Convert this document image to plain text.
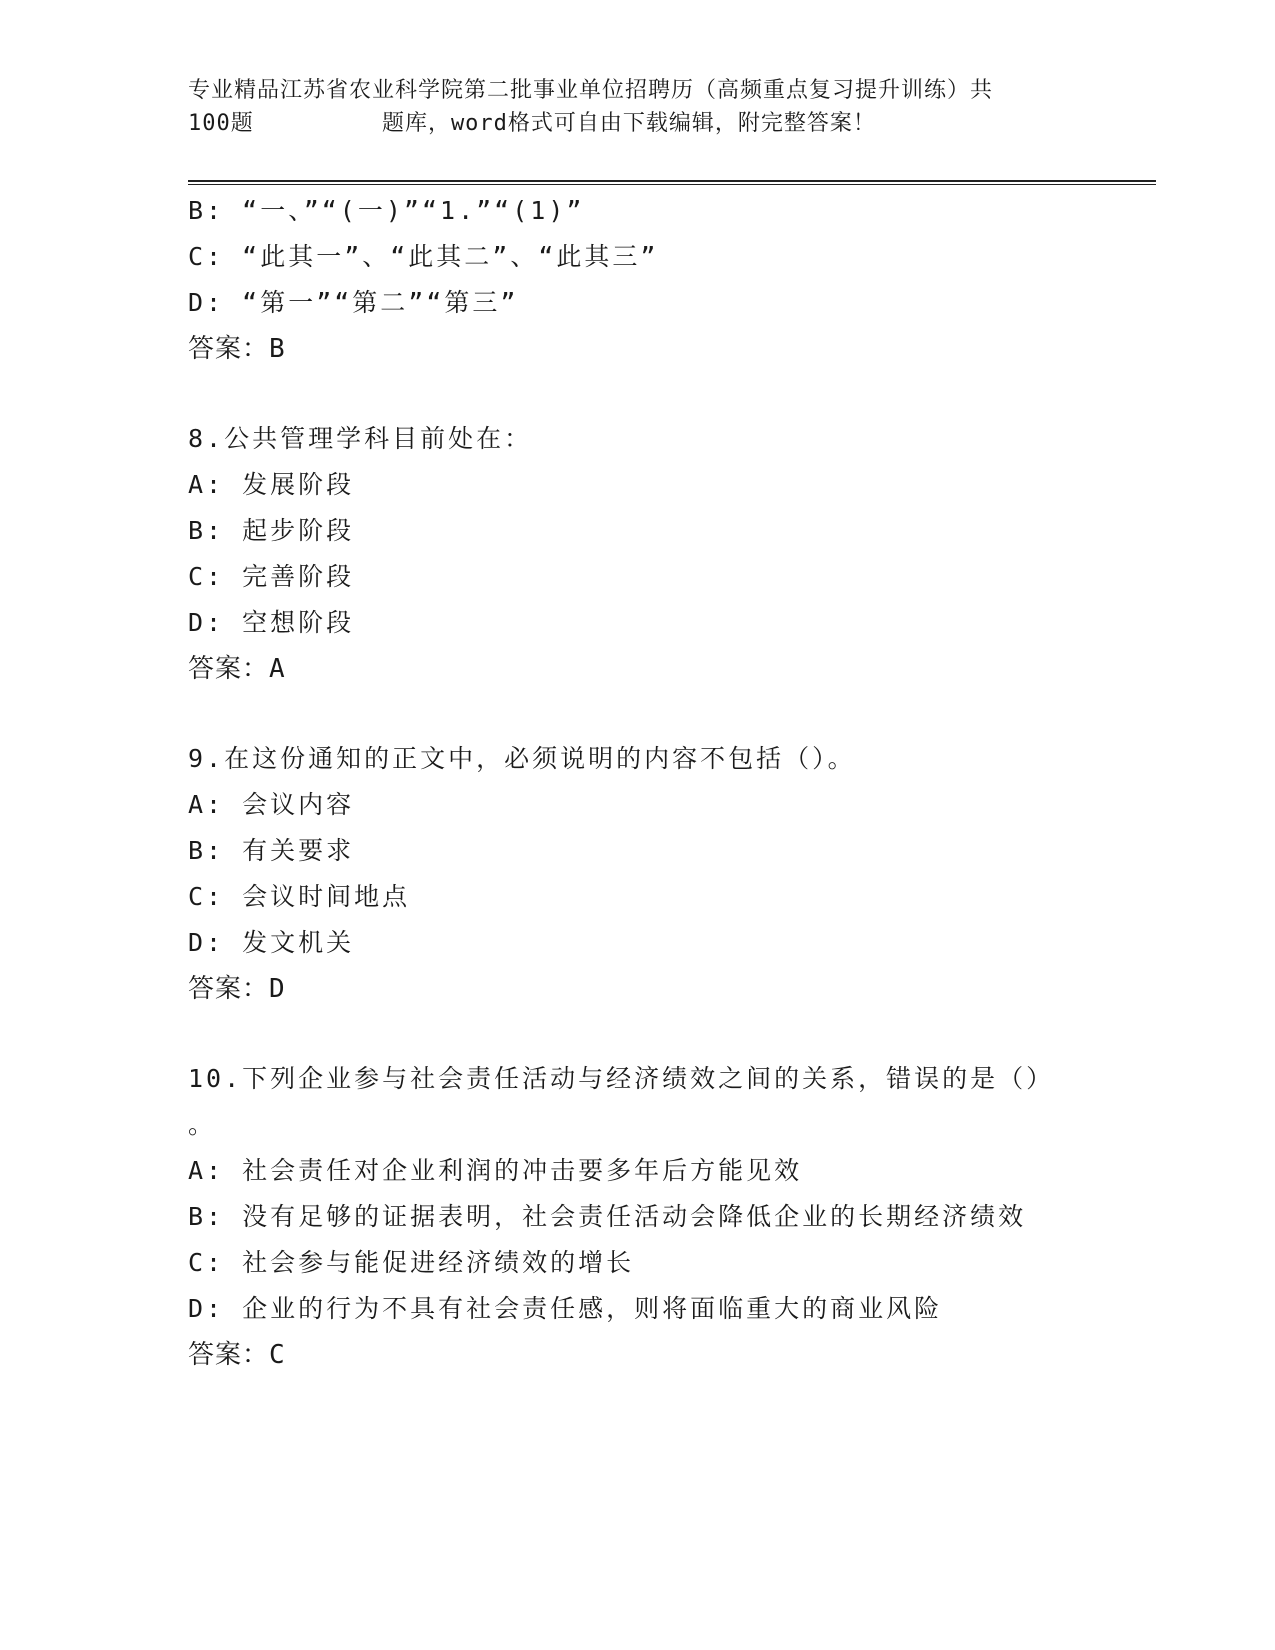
专业精品江苏省农业科学院第二批事业单位招聘历（高频重点复习提升训练）共
100题         题库，word格式可自由下载编辑，附完整答案！
B: “一、”“(一)”“1.”“(1)”
C: “此其一”、“此其二”、“此其三”
D: “第一”“第二”“第三”
答案：B
8.公共管理学科目前处在：
A: 发展阶段
B: 起步阶段
C: 完善阶段
D: 空想阶段
答案：A
9.在这份通知的正文中，必须说明的内容不包括（）。
A: 会议内容
B: 有关要求
C: 会议时间地点
D: 发文机关
答案：D
10.下列企业参与社会责任活动与经济绩效之间的关系，错误的是（）
。
A: 社会责任对企业利润的冲击要多年后方能见效
B: 没有足够的证据表明，社会责任活动会降低企业的长期经济绩效
C: 社会参与能促进经济绩效的增长
D: 企业的行为不具有社会责任感，则将面临重大的商业风险
答案：C
